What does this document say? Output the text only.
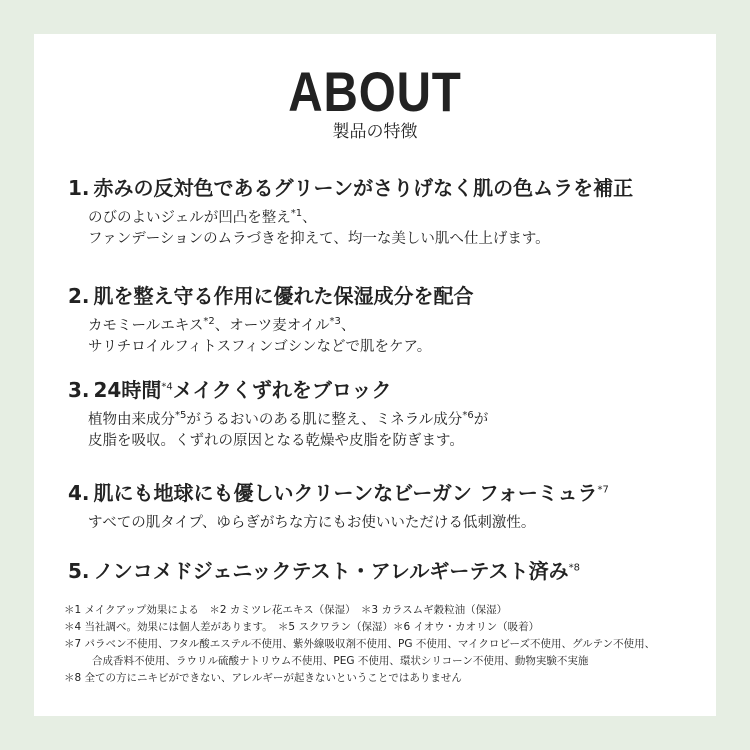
ABOUT
製品の特徴
1. 赤みの反対色であるグリーンがさりげなく肌の色ムラを補正
のびのよいジェルが凹凸を整え$^{*1}$、
ファンデーションのムラづきを抑えて、均一な美しい肌へ仕上げます。
2. 肌を整え守る作用に優れた保湿成分を配合
カモミールエキス$^{*2}$、オーツ麦オイル$^{*3}$、
サリチロイルフィトスフィンゴシンなどで肌をケア。
3. 24時間$^{*4}$メイクくずれをブロック
植物由来成分$^{*5}$がうるおいのある肌に整え、ミネラル成分$^{*6}$が
皮脂を吸収。くずれの原因となる乾燥や皮脂を防ぎます。
4. 肌にも地球にも優しいクリーンなビーガン フォーミュラ$^{*7}$
すべての肌タイプ、ゆらぎがちな方にもお使いいただける低刺激性。
5. ノンコメドジェニックテスト・アレルギーテスト済み$^{*8}$
＊1 メイクアップ効果による　＊2 カミツレ花エキス（保湿）　＊3 カラスムギ穀粒油（保湿）
＊4 当社調べ。効果には個人差があります。　＊5 スクワラン（保湿）＊6 イオウ・カオリン（吸着）
＊7 パラベン不使用、フタル酸エステル不使用、紫外線吸収剤不使用、PG 不使用、マイクロビーズ不使用、グルテン不使用、
合成香料不使用、ラウリル硫酸ナトリウム不使用、PEG 不使用、環状シリコーン不使用、動物実験不実施
＊8 全ての方にニキビができない、アレルギーが起きないということではありません
